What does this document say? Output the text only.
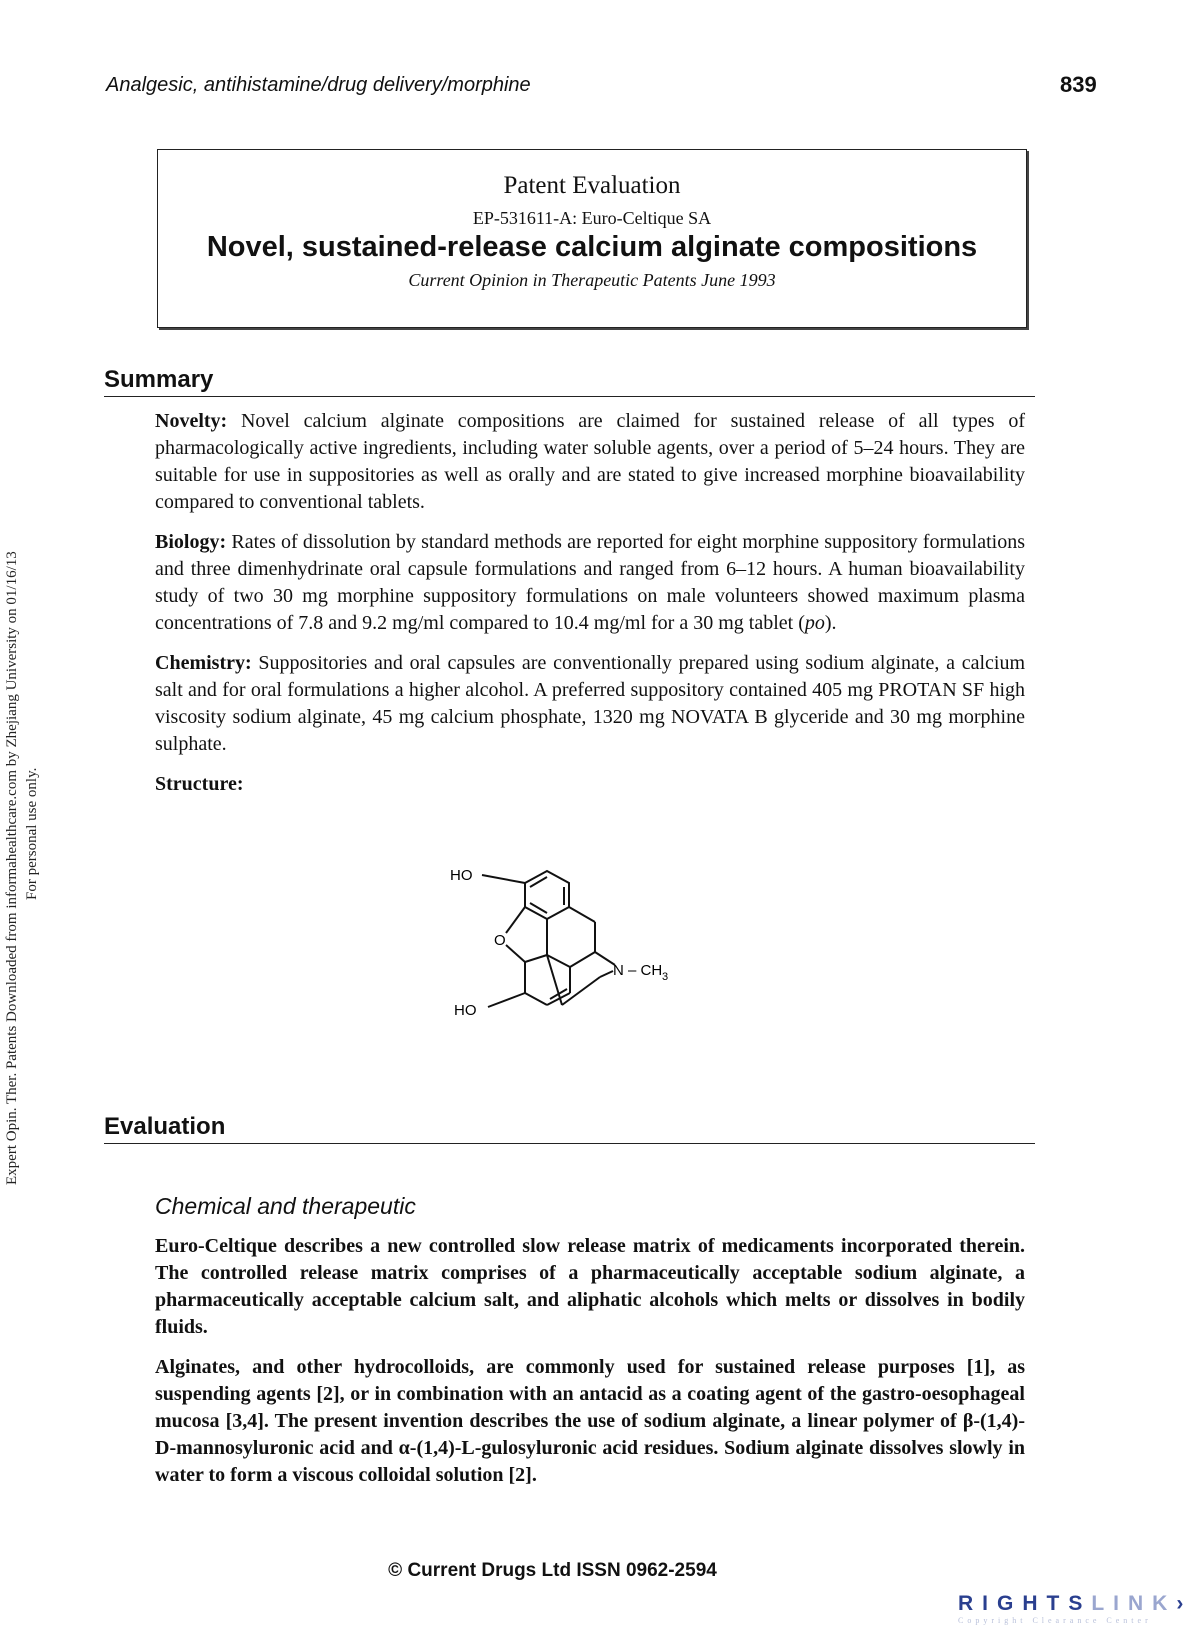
Analgesic, antihistamine/drug delivery/morphine	839
Patent Evaluation
EP-531611-A: Euro-Celtique SA
Novel, sustained-release calcium alginate compositions
Current Opinion in Therapeutic Patents June 1993
Summary

Novelty: Novel calcium alginate compositions are claimed for sustained release of all types of pharmacologically active ingredients, including water soluble agents, over a period of 5–24 hours. They are suitable for use in suppositories as well as orally and are stated to give increased morphine bioavailability compared to conventional tablets.

Biology: Rates of dissolution by standard methods are reported for eight morphine suppository formulations and three dimenhydrinate oral capsule formulations and ranged from 6–12 hours. A human bioavailability study of two 30 mg morphine suppository formulations on male volunteers showed maximum plasma concentrations of 7.8 and 9.2 mg/ml compared to 10.4 mg/ml for a 30 mg tablet (po).

Chemistry: Suppositories and oral capsules are conventionally prepared using sodium alginate, a calcium salt and for oral formulations a higher alcohol. A preferred suppository contained 405 mg PROTAN SF high viscosity sodium alginate, 45 mg calcium phosphate, 1320 mg NOVATA B glyceride and 30 mg morphine sulphate.

Structure:

HO
O
N – CH 3
HO
Evaluation
Chemical and therapeutic

Euro-Celtique describes a new controlled slow release matrix of medicaments incorporated therein. The controlled release matrix comprises of a pharmaceutically acceptable sodium alginate, a pharmaceutically acceptable calcium salt, and aliphatic alcohols which melts or dissolves in bodily fluids.

Alginates, and other hydrocolloids, are commonly used for sustained release purposes [1], as suspending agents [2], or in combination with an antacid as a coating agent of the gastro-oesophageal mucosa [3,4]. The present invention describes the use of sodium alginate, a linear polymer of β-(1,4)-D-mannosyluronic acid and α-(1,4)-L-gulosyluronic acid residues. Sodium alginate dissolves slowly in water to form a viscous colloidal solution [2].

Expert Opin. Ther. Patents Downloaded from informahealthcare.com by Zhejiang University on 01/16/13 For personal use only.
© Current Drugs Ltd ISSN 0962-2594
RIGHTSLINK›
Copyright Clearance Center
